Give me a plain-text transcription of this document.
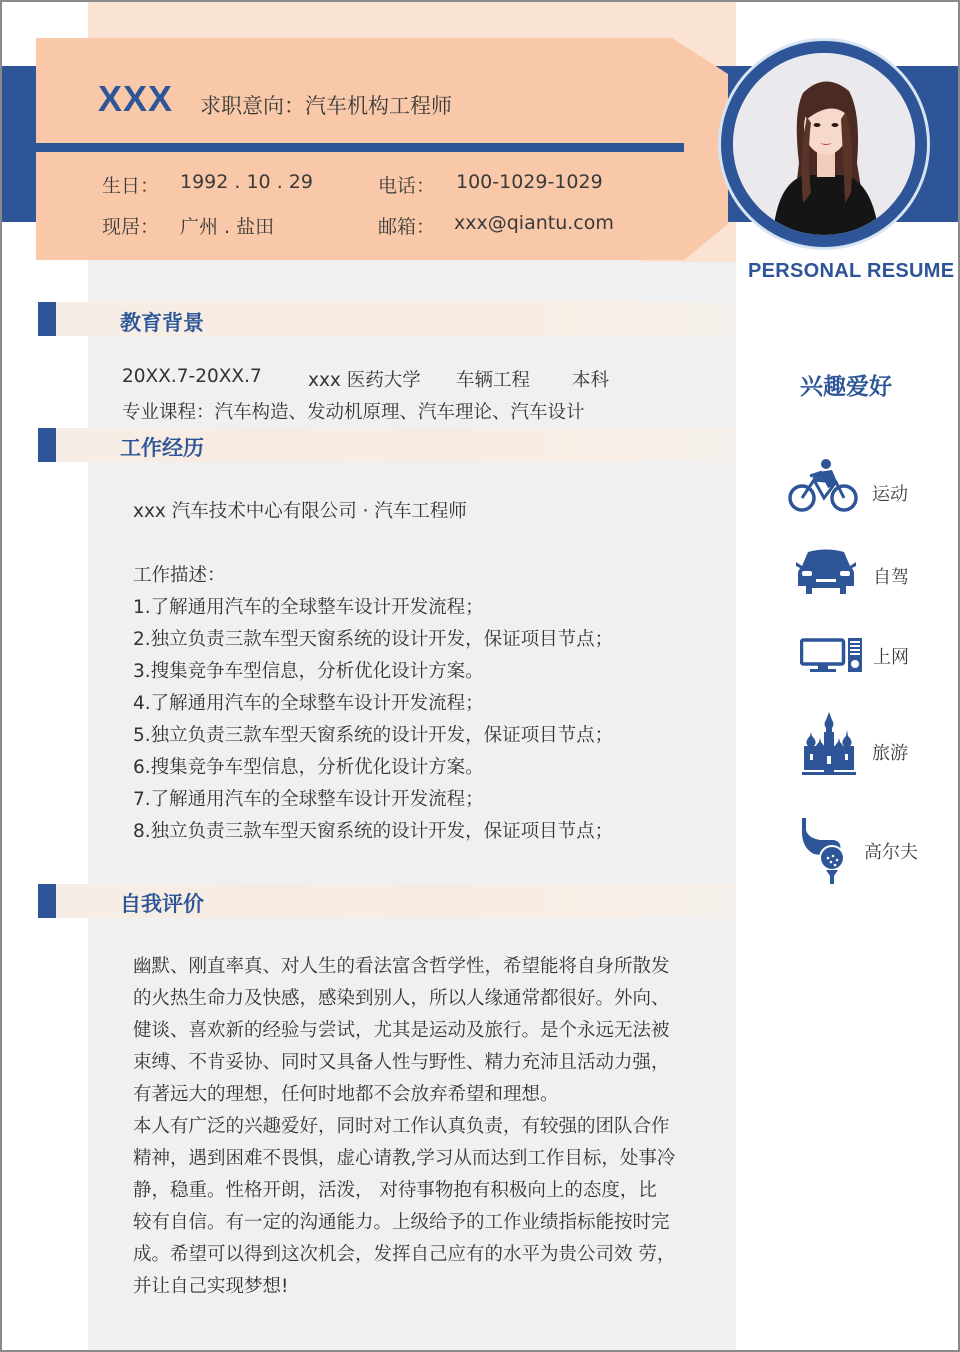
XXX 求职意向：汽车机构工程师
生日： 1992 . 10 . 29	电话： 100-1029-1029
现居： 广州 . 盐田	邮箱： xxx@qiantu.com
PERSONAL RESUME
教育背景
20XX.7-20XX.7 xxx 医药大学 车辆工程 本科
专业课程：汽车构造、发动机原理、汽车理论、汽车设计
工作经历
xxx 汽车技术中心有限公司 · 汽车工程师
工作描述：
1.了解通用汽车的全球整车设计开发流程；
2.独立负责三款车型天窗系统的设计开发，保证项目节点；
3.搜集竞争车型信息，分析优化设计方案。
4.了解通用汽车的全球整车设计开发流程；
5.独立负责三款车型天窗系统的设计开发，保证项目节点；
6.搜集竞争车型信息，分析优化设计方案。
7.了解通用汽车的全球整车设计开发流程；
8.独立负责三款车型天窗系统的设计开发，保证项目节点；
自我评价
幽默、刚直率真、对人生的看法富含哲学性，希望能将自身所散发
的火热生命力及快感，感染到别人，所以人缘通常都很好。外向、
健谈、喜欢新的经验与尝试，尤其是运动及旅行。是个永远无法被
束缚、不肯妥协、同时又具备人性与野性、精力充沛且活动力强，
有著远大的理想，任何时地都不会放弃希望和理想。
本人有广泛的兴趣爱好，同时对工作认真负责，有较强的团队合作
精神，遇到困难不畏惧，虚心请教,学习从而达到工作目标，处事冷
静，稳重。性格开朗，活泼， 对待事物抱有积极向上的态度，比
较有自信。有一定的沟通能力。上级给予的工作业绩指标能按时完
成。希望可以得到这次机会，发挥自己应有的水平为贵公司效 劳，
并让自己实现梦想!
兴趣爱好
运动
自驾
上网
旅游
高尔夫
